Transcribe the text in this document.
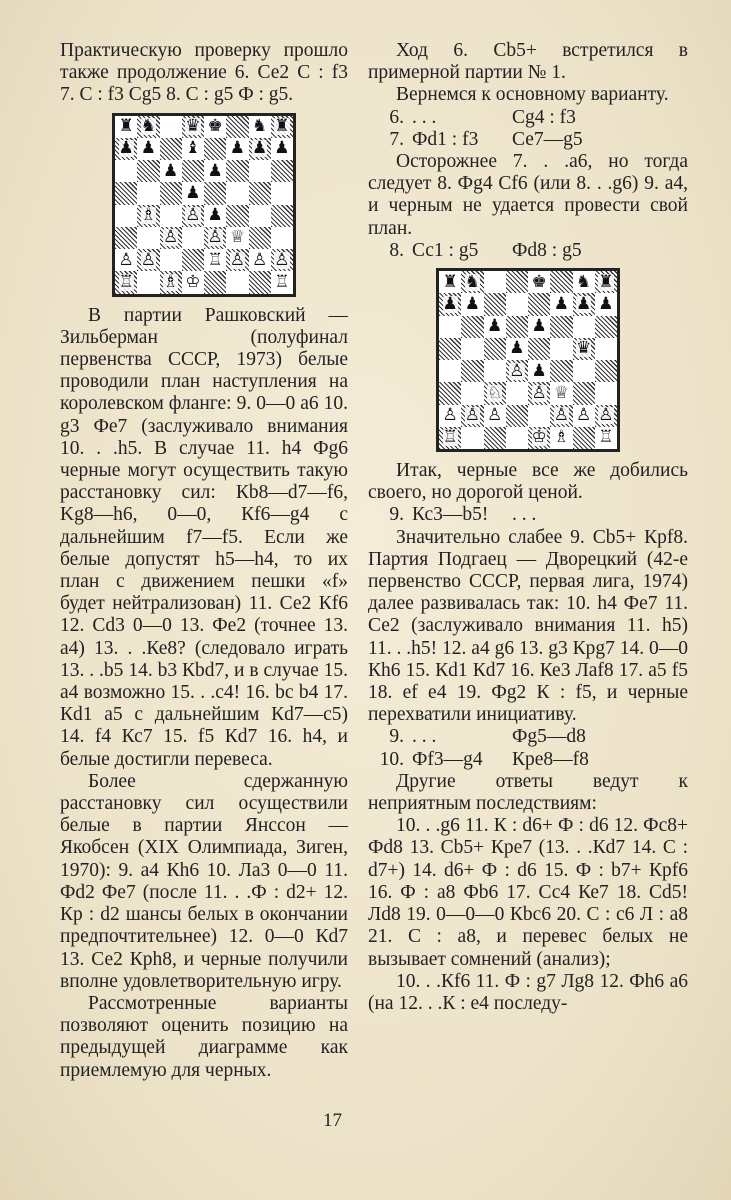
Практическую проверку прошло также продолжение 6. Се2 С : f3 7. С : f3 Cg5 8. С : g5 Ф : g5.

♜ ♞ ♛ ♚ ♞ ♜
♟ ♟ ♝ ♟ ♟ ♟
♟ ♟
♟
♗ ♙ ♟
♙ ♙ ♕
♙ ♙	♖ ♙ ♙ ♙
♖ ♗ ♔	♖

В партии Рашковский — Зильберман (полуфинал первенства СССР, 1973) белые проводили план наступления на королевском фланге: 9. 0—0 а6 10. g3 Фе7 (заслуживало внимания 10. . .h5. В случае 11. h4 Фg6 черные могут осуществить такую расстановку сил: Кb8—d7—f6, Kg8—h6, 0—0, Кf6—g4 с дальнейшим f7—f5. Если же белые допустят h5—h4, то их план с движением пешки «f» будет нейтрализован) 11. Се2 Кf6 12. Cd3 0—0 13. Фе2 (точнее 13. а4) 13. . .Ке8? (следовало играть 13. . .b5 14. b3 Кbd7, и в случае 15. а4 возможно 15. . .c4! 16. bc b4 17. Кd1 а5 с дальнейшим Кd7—c5) 14. f4 Кс7 15. f5 Кd7 16. h4, и белые достигли перевеса.

Более сдержанную расстановку сил осуществили белые в партии Янссон — Якобсен (XIX Олимпиада, Зиген, 1970): 9. а4 Кh6 10. Ла3 0—0 11. Фd2 Фе7 (после 11. . .Ф : d2+ 12. Кр : d2 шансы белых в окончании предпочтительнее) 12. 0—0 Кd7 13. Се2 Кph8, и черные получили вполне удовлетворительную игру.

Рассмотренные варианты позволяют оценить позицию на предыдущей диаграмме как приемлемую для черных.

Ход 6. Сb5+ встретился в примерной партии № 1.

Вернемся к основному варианту.

6. . . .	Cg4 : f3
7. Фd1 : f3	Се7—g5

Осторожнее 7. . .а6, но тогда следует 8. Фg4 Cf6 (или 8. . .g6) 9. а4, и черным не удается провести свой план.

8. Сс1 : g5	Фd8 : g5
♜ ♞	♚ ♞ ♜
♟ ♟	♟ ♟ ♟
♟ ♟
♟	♛
♙ ♟
♘ ♙ ♕
♙ ♙ ♙	♙ ♙ ♙
♖	♔ ♗ ♖

Итак, черные все же добились своего, но дорогой ценой.

9. Кс3—b5!	. . .

Значительно слабее 9. Сb5+ Крf8. Партия Подгаец — Дворецкий (42-е первенство СССР, первая лига, 1974) далее развивалась так: 10. h4 Фе7 11. Се2 (заслуживало внимания 11. h5) 11. . .h5! 12. а4 g6 13. g3 Кpg7 14. 0—0 Кh6 15. Кd1 Кd7 16. Ке3 Лaf8 17. а5 f5 18. ef е4 19. Фg2 К : f5, и черные перехватили инициативу.

9. . . .	Фg5—d8
10. Фf3—g4	Кре8—f8

Другие ответы ведут к неприятным последствиям:

10. . .g6 11. К : d6+ Ф : d6 12. Фс8+ Фd8 13. Сb5+ Кре7 (13. . .Кd7 14. С : d7+) 14. d6+ Ф : d6 15. Ф : b7+ Крf6 16. Ф : а8 Фb6 17. Сс4 Ке7 18. Cd5! Лd8 19. 0—0—0 Кbс6 20. С : с6 Л : а8 21. С : а8, и перевес белых не вызывает сомнений (анализ);

10. . .Кf6 11. Ф : g7 Лg8 12. Фh6 а6 (на 12. . .К : е4 последу-

17
